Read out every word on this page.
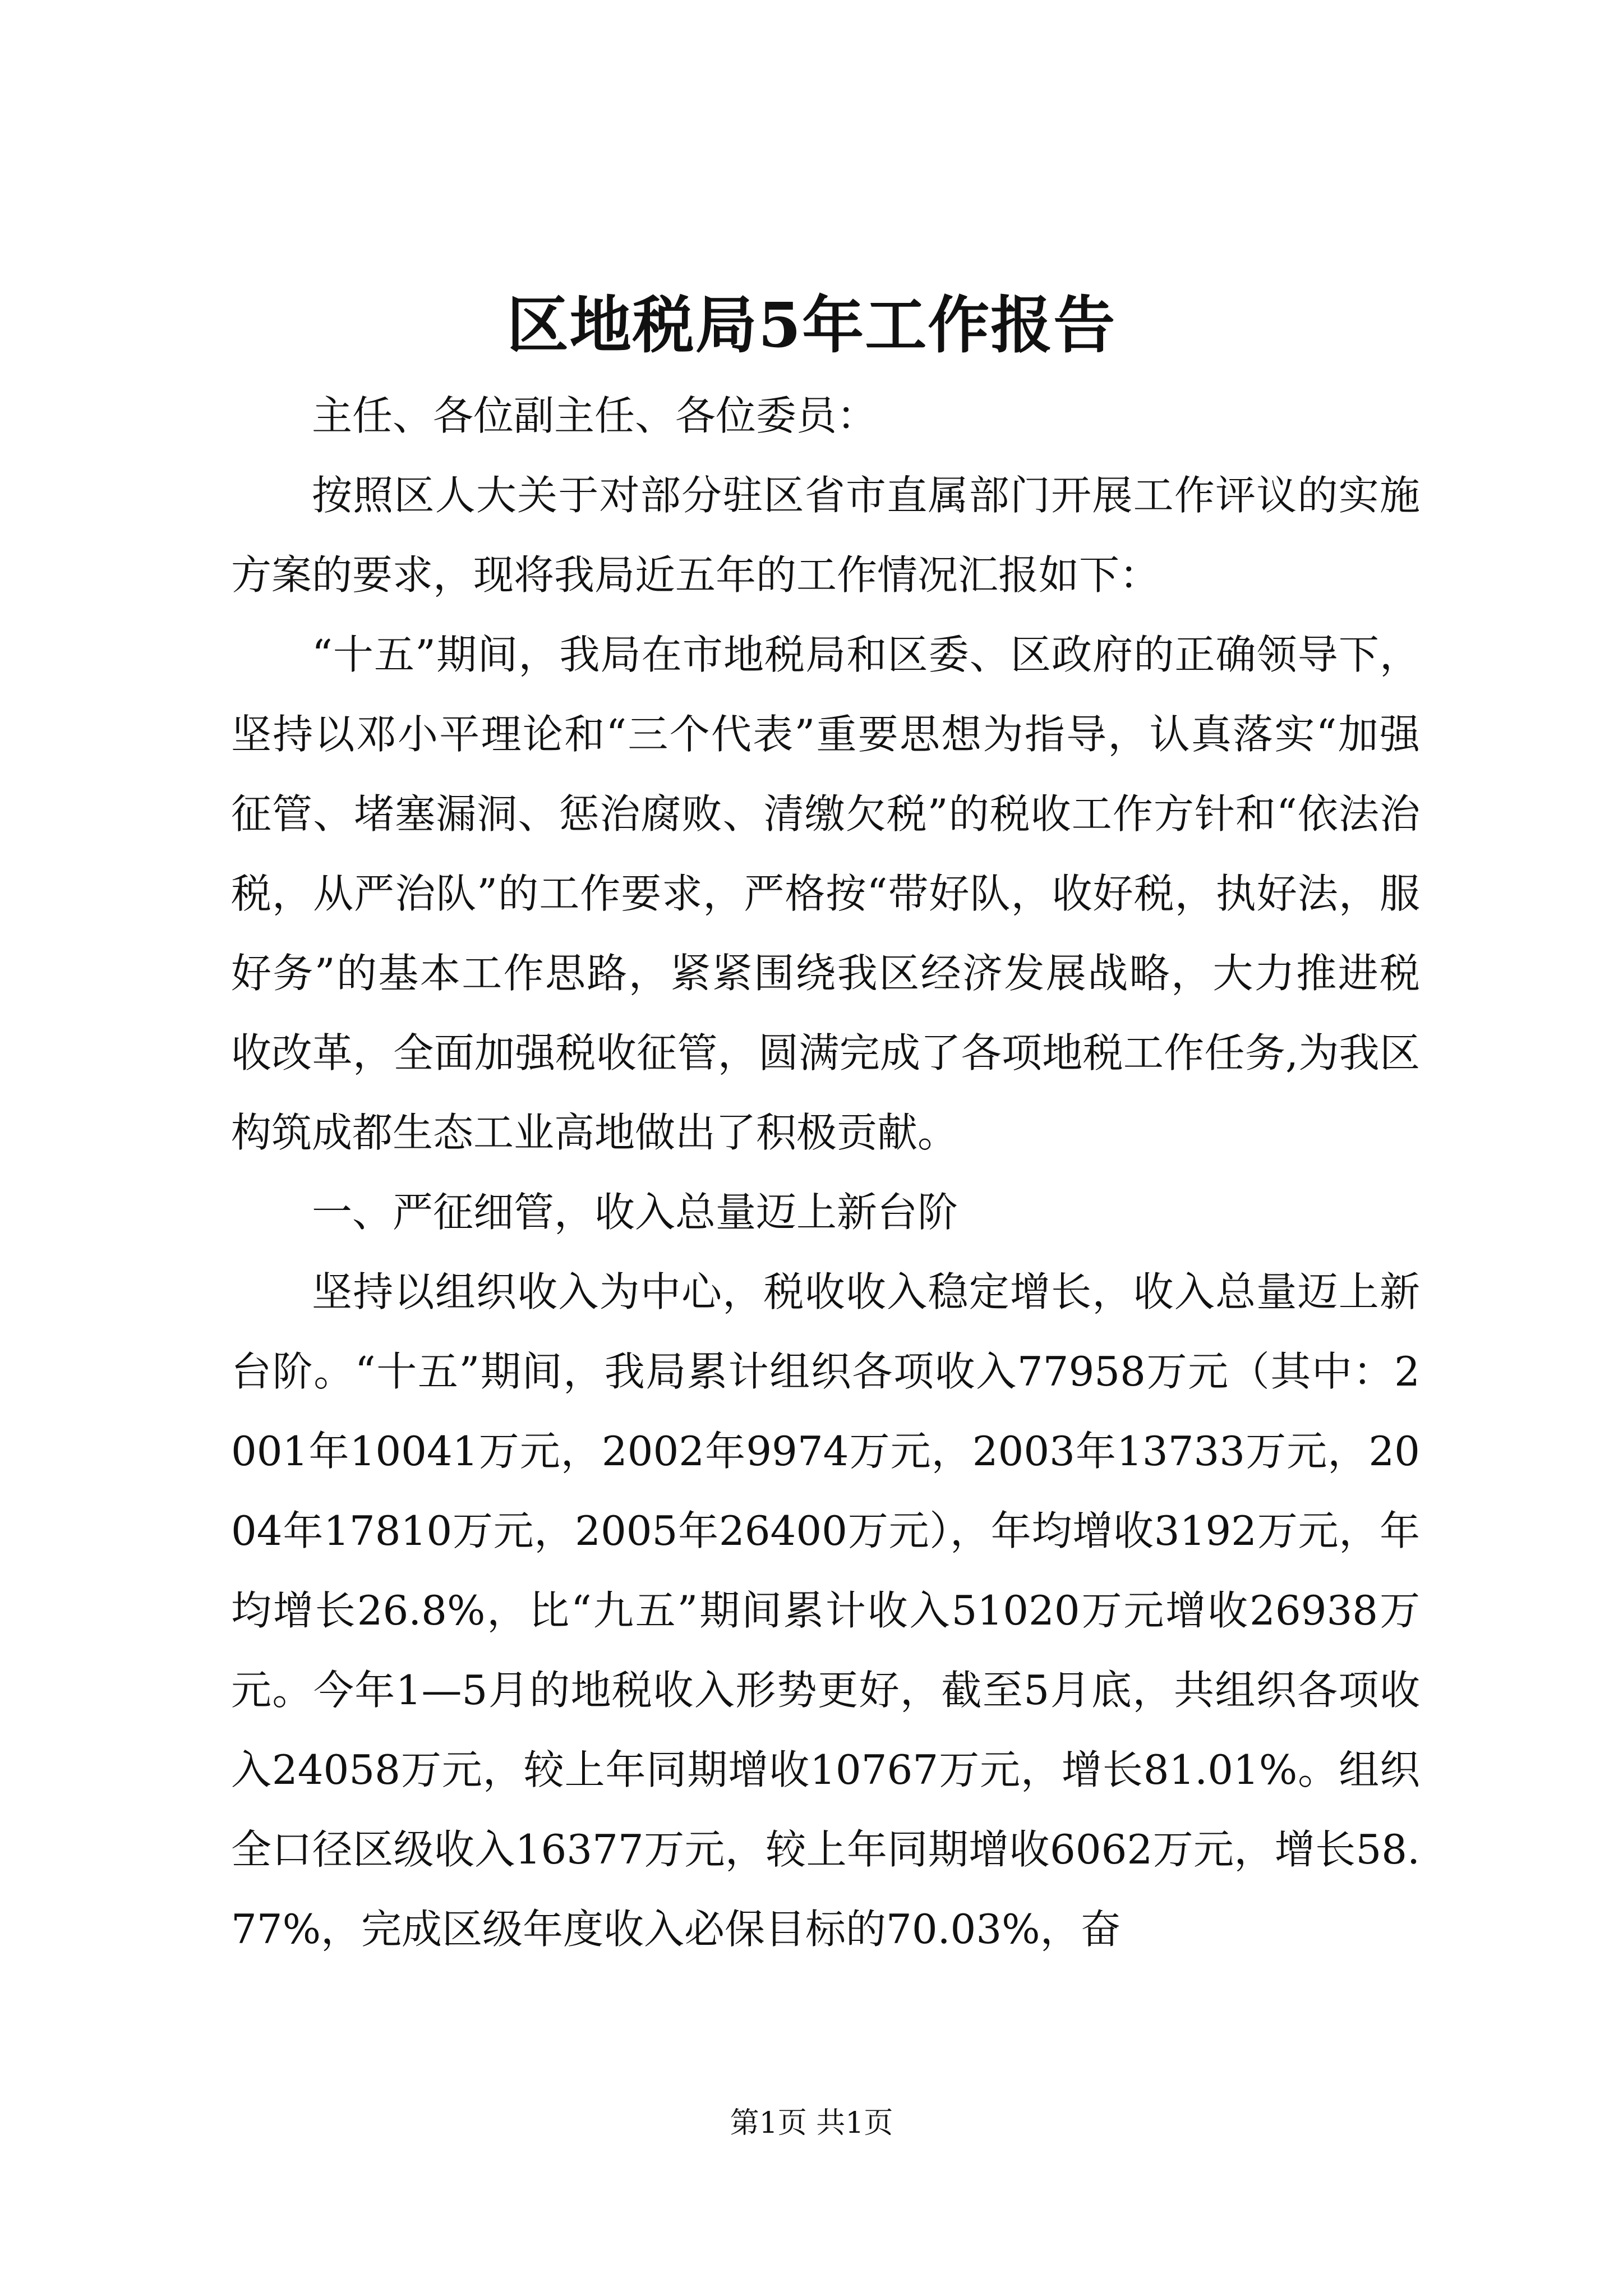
区地税局5年工作报告

主任、各位副主任、各位委员：

按照区人大关于对部分驻区省市直属部门开展工作评议的实施方案的要求，现将我局近五年的工作情况汇报如下：

“十五”期间，我局在市地税局和区委、区政府的正确领导下，坚持以邓小平理论和“三个代表”重要思想为指导，认真落实“加强征管、堵塞漏洞、惩治腐败、清缴欠税”的税收工作方针和“依法治税，从严治队”的工作要求，严格按“带好队，收好税，执好法，服好务”的基本工作思路，紧紧围绕我区经济发展战略，大力推进税收改革，全面加强税收征管，圆满完成了各项地税工作任务,为我区构筑成都生态工业高地做出了积极贡献。

一、严征细管，收入总量迈上新台阶

坚持以组织收入为中心，税收收入稳定增长，收入总量迈上新台阶。“十五”期间，我局累计组织各项收入77958万元（其中：2001年10041万元，2002年9974万元，2003年13733万元，2004年17810万元，2005年26400万元），年均增收3192万元，年均增长26.8%，比“九五”期间累计收入51020万元增收26938万元。今年1—5月的地税收入形势更好，截至5月底，共组织各项收入24058万元，较上年同期增收10767万元，增长81.01%。组织全口径区级收入16377万元，较上年同期增收6062万元，增长58.77%，完成区级年度收入必保目标的70.03%，奋

第1页 共1页
